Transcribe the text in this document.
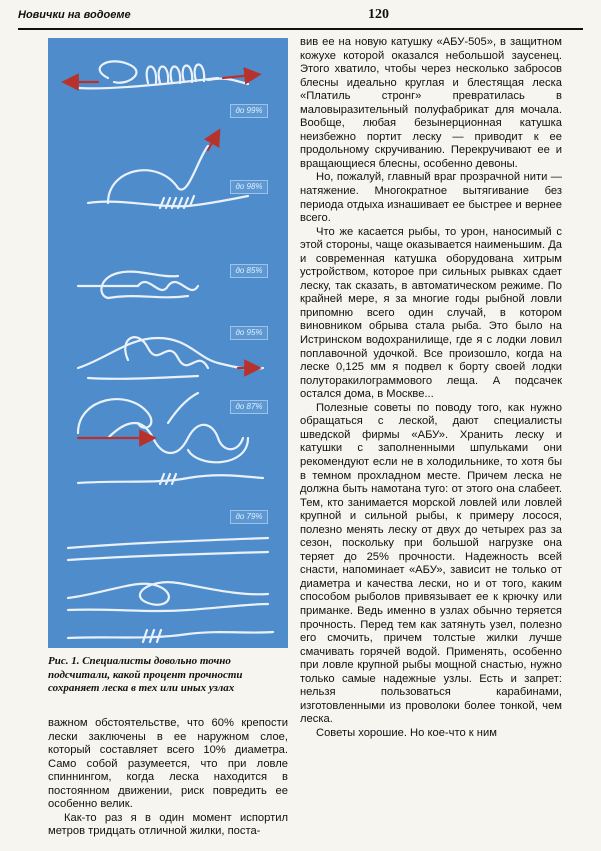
Новички на водоеме	120
до 99%
до 98%
до 85%
до 95%
до 87%
до 79%
Рис. 1. Специалисты довольно точно подсчитали, какой процент прочности сохраняет леска в тех или иных узлах

важном обстоятельстве, что 60% крепости лески заключены в ее наружном слое, который составляет всего 10% диаметра. Само собой разумеется, что при ловле спиннингом, когда леска находится в постоянном движении, риск повредить ее особенно велик.

Как-то раз я в один момент испортил метров тридцать отличной жилки, поста-

вив ее на новую катушку «АБУ-505», в защитном кожухе которой оказался небольшой заусенец. Этого хватило, чтобы через несколько забросов блесны идеально круглая и блестящая леска «Платиль стронг» превратилась в маловыразительный полуфабрикат для мочала. Вообще, любая безынерционная катушка неизбежно портит леску — приводит к ее продольному скручиванию. Перекручивают ее и вращающиеся блесны, особенно девоны.

Но, пожалуй, главный враг прозрачной нити — натяжение. Многократное вытягивание без периода отдыха изнашивает ее быстрее и вернее всего.

Что же касается рыбы, то урон, наносимый с этой стороны, чаще оказывается наименьшим. Да и современная катушка оборудована хитрым устройством, которое при сильных рывках сдает леску, так сказать, в автоматическом режиме. По крайней мере, я за многие годы рыбной ловли припомню всего один случай, в котором виновником обрыва стала рыба. Это было на Истринском водохранилище, где я с лодки ловил поплавочной удочкой. Все произошло, когда на леске 0,125 мм я подвел к борту своей лодки полуторакилограммового леща. А подсачек остался дома, в Москве...

Полезные советы по поводу того, как нужно обращаться с леской, дают специалисты шведской фирмы «АБУ». Хранить леску и катушки с заполненными шпульками они рекомендуют если не в холодильнике, то хотя бы в темном прохладном месте. Причем леска не должна быть намотана туго: от этого она слабеет. Тем, кто занимается морской ловлей или ловлей крупной и сильной рыбы, к примеру лосося, полезно менять леску от двух до четырех раз за сезон, поскольку при большой нагрузке она теряет до 25% прочности. Надежность всей снасти, напоминает «АБУ», зависит не только от диаметра и качества лески, но и от того, каким способом рыболов привязывает ее к крючку или приманке. Ведь именно в узлах обычно теряется прочность. Перед тем как затянуть узел, полезно его смочить, причем толстые жилки лучше смачивать горячей водой. Применять, особенно при ловле крупной рыбы мощной снастью, нужно только самые надежные узлы. Есть и запрет: нельзя пользоваться карабинами, изготовленными из проволоки более тонкой, чем леска.

Советы хорошие. Но кое-что к ним
